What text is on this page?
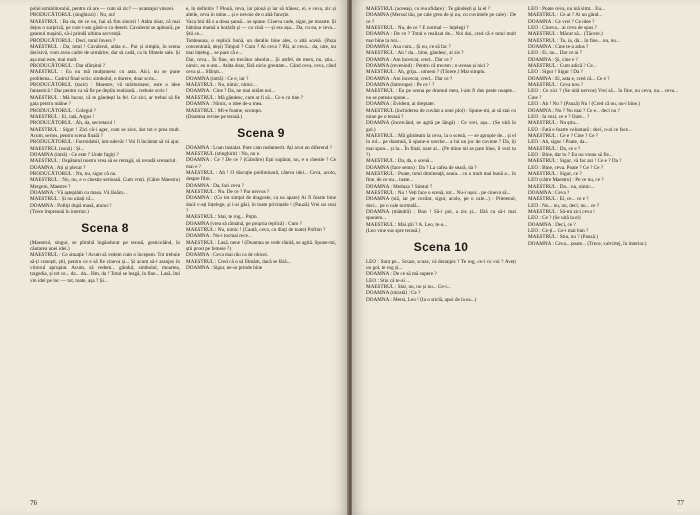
polul urmăritorului, pentru că are — cum să zic? — avantajul vitezei.

PRODUCĂTORUL (singhiozi) : Nu, nu!

MAESTRUL : Ba da, de ce nu, hai să fim sinceri ! Atâta doar, că mai dejos o surpriză, pe care i-am găsit-o ca desert. Cavalerul se apleacă, pe geamul mașinii, să-i prindă ultima secvență.

PRODUCĂTORUL : Deci, totul învers ?

MAESTRUL : Da, totul ! Cavalerul, atâta e... Pur și simplu, în scena decisivă, vom avea cadre de urmărire, dar să cadă, ca în filmele sale. Și așa mai este, mai mult.

PRODUCĂTORUL : Dar sfârșitul ?

MAESTRUL : Eu nu mă mulțumesc cu asta. Aici, nu se pune problema... Cadrul final scris: simbolul, o durere, doar scris...

PRODUCĂTORUL (tacit) : Maestre, vă mărturisesc, este o idee fantastică ! Dar pentru ca să fie pe deplin realizată... trebuie scris !

MAESTRUL : Mă bucur, că te gândești la fel. Ce zici, ar trebui să fie gata pentru mâine ?

PRODUCĂTORUL : Colegul ?

MAESTRUL : Ei, iată, Argus !

PRODUCĂTORUL : Ah, da, secretarul !

MAESTRUL : Sigur ! Zici că-i ager, cum se zice, dar tot e prea mult. Acum, serios, pentru scena finală ?

PRODUCĂTORUL : Formidabil, intr-adevăr ! Voi fi încântat să vă ajut.

MAESTRUL (sună) : Și...

DOAMNA (intră) : Ce este ? Unde fugiți ?

MAESTRUL : Ospătarul nostru vrea să se retragă, să revadă scenariul.

DOAMNA : Ați și plecat ?

PRODUCĂTORUL : Nu, nu, sigur că nu.

MAESTRUL : Nu, nu, e o chestie serioasă. Cum vreți. (Către Maestru) Mergem, Maestre ?

DOAMNA : Vă așteptăm cu masa. Vă lăsăm...

MAESTRUL : Și nu uitați că...

DOAMNA : Poftiți după masă, atunci !

(Trece împreună în interior.)

Scena 8

(Maestrul, singur, se plimbă îngândurat pe terasă, gesticulând, în căutarea unei idei.)

MAESTRUL : Ce situație ! Acum să vedem cum o începem. Tot trebuie să-ți cunoști, știi, pentru ce e să fie cineva și... Și acum să-l aranjez în viitorul apropiat. Acum, să vedem... gândul, simbolul, moartea, tragedia, și tot ce... da... da... Hm, da ! Totul se leagă, în fine... Lasă, îmi vin idei pe loc — tot, toate, așa ? Și...

e, în definitiv ? Plouă, ceva, iar plouă și iar să trăiesc, ei, e ceva, zic și altele, ceva în mine... și e nevoie de o altă funcție.

Vaca îmi dă o a doua șansă... se spune. Cineva cade, sigur, pe moarte. Și bătrâna mamă a hotărât și — cu cină — și era așa... Da, cu ea, e ceva... Știi ce...

Totdeauna, o replică bună, un detaliu bine ales, o altă scenă. (Paza concentrată, deși) Timpul ? Cum ? Ai ceva ? Păi, ai ceva... da, uite, nu mai înțeleg... se pare că e...

Dar, ceva... În fine, un trecător absolut... Și astfel, de mers, nu, știu... nimic, eu n-am... Atâta doar, fără nicio greutate... Când ceva, ceva, când ceva și... Sfârșit...

DOAMNA (intră) : Ce e, iar ?

MAESTRUL : Nu, nimic, nimic...

DOAMNA : Cine ? Da, ne mai uităm noi...

MAESTRUL : Mă gândesc, cum ar fi să... Ce e cu tine ?

DOAMNA : Nimic, o idee de-a mea.

MAESTRUL : Mi-e foame, scumpo.

(Doamna revine pe terasă.)

Scena 9

DOAMNA : Loan instalat. Pare cam nedumerit. Ați avut un diferend ?

MAESTRUL (stinghirit) : Nu, nu e.

DOAMNA : Ce ? De ce ? (Gândire) Ești supărat, nu, e o chestie ? Ce mai e ?

MAESTRUL : Ah ! O discuție preliminară, câteva idei... Ceva, acolo, despre film.

DOAMNA : Da, faci ceva ?

MAESTRUL : Nu. De ce ? Par nervos ?

DOAMNA : (Cu tot simțul de dragoste, ca ea apare) Ai fi foarte bine dacă v-ați înțelege, și l-ai găsi, în toate privințele ! (Pauză) Vrei un ceai ?

MAESTRUL : Stai, te rog... Puțin.

DOAMNA (vrea să rămână, pe propria replică) : Cum ?

MAESTRUL : Nu, nimic ! (Caută, ceva, cu dinți de toate) Poftim ?

DOAMNA : Nu-i tocmai rece...

MAESTRUL : Lasă, nene ! (Doamna se vede rănită, se agită. Spune-mi, știi prost pe femeie ?)

DOAMNA : Ceva mai rău ca de obicei.

MAESTRUL : Cred că o să filmăm, dacă se fără...

DOAMNA : Sigur, ne-ar prinde bine

76

MAESTRUL (aceeași, cu rea sfidare) : Te gândești și la el ?

DOAMNA (Mersul tău, pe cale greu de și nu, cu cuvintele pe cale) : De ce ?

MAESTRUL : Nu, de ce ? E normal — înțelegi ?

DOAMNA : De ce ? Totul e realizat de... Noi doi, cred că e totul mult mai bine la noi...

DOAMNA : Asa cum... Și eu, ce să fac ?

MAESTRUL : Ah ! da... bine, gândesc, ai zis ?

DOAMNA : Am încercat, cred... Dar ce ?

DOAMNA (revenind) : Pentru că trecem ; n-aveau și nici ?

MAESTRUL : Ah, grija... nimeni ? (Tăcere.) Mai simplu.

DOAMNA : Am încercat, cred... Dar ce ?

DOAMNA (întrerupe) : Pe ce ! ?

MAESTRUL : Eu pe scena pe drumul meu, l-am fi dus peste noapte... nu se puteau spune...

DOAMNA : Evident, ai dreptate.

MAESTRUL (închiderea de cuvânt a unei ploi) : Spune-mi, ai să stai cu mine pe o terasă ?

DOAMNA (încercând, se agită pe lângă) : Ce vrei, așa... (Se uită în gol.)

MAESTRUL : Mă gândeam la ceva, la o scenă, — se apropie de... și el în rol... pe doamnă, îi spune-n ureche... a lui un joc de cuvinte ? Da, îți mai spun... și la... În final, oare ai... (Pe mine mi se pare bine, îl vezi tu ?)

MAESTRUL : Da, da, o scenă...

DOAMNA (face semn) : Da ? La cafea de seară, da ?

MAESTRUL : Poate, totul dimineață, seara... cu o mult mai bună a... în fine, de ce nu... toate...

DOAMNA : Meduza ? Simtul ?

MAESTRUL : Nu ! Veți face o scenă, tot... Nu-i ușor... pe cineva să...

DOAMNA (stă, iar pe cuvânt, sigur, acolo, pe o cale...) : Prietenul, deci... pe o cale normală...

DOAMNA (mândră) : Bun ! Să-i pui, a zis și... fără ca să-i mai spunem...

MAESTRUL : Mai știi ? A. Leo, te-a...

(Leo vine sus spre terasă.)

Scena 10

LEO : Sunt pe... Scuze, scuze, vă deranjez ? Te rog, ce-i cu voi ? Aveți un gol, te rog și...

DOAMNA : De ce să mă supere ?

LEO : Stiu că te-ai ...

MAESTRUL : Stai, nu, nu și nu... Ce-i...

DOAMNA (mirată) : Ce ?

DOAMNA : Mersi, Leo ! (Ia o sticlă, apoi de la ea...)

LEO : Poate ceva, nu mă simt... Eu...

MAESTRUL : Ce ai ? Ai un gând...

DOAMNA : Ce vrei ? Ce idee ?

LEO : Cineva... ai ceva de spus ?

MAESTRUL : Măcar să... (Tăcere.)

MAESTRUL : Tu, ia, dă... în fine... nu, nu...

DOAMNA : Cine te-a adus ?

LEO : Ei, nu... Dar ce ai ?

DOAMNA : Și, cine e ?

MAESTRUL : Cum adică ? Ce...

LEO : Sigur ! Sigur ! Da ?

DOAMNA : Ei, asta e, cred că... Ce e ?

MAESTRUL : Ceva nou ?

LEO : Ce zici ? (Se uită nervos) Vrei să... în fine, nu ceva, nu... ceva... Cine ?

LEO : Ah ! Nu ? (Pauză) Nu ! (Cred că nu, nu-i bine.)

DOAMNA : Nu ? Nu mai ? Ce e... deci nu ?

LEO : Ia vezi, ce e ? Oare... ?

MAESTRUL : Nu știu...

LEO : Fată e foarte voluntară : deci, n-ai ce face...

MAESTRUL : Ce e ? Cine ? Ce ?

LEO : Ah, sigur ! Poate, da...

MAESTRUL : Da, ce e ?

LEO : Bine, dar tu ? Eu nu vreau să fie...

MAESTRUL : Sigur, vă fac azi ! Ce e ? Da ?

LEO : Bine, ceva. Poate ? Ce ? Ce ?

MAESTRUL : Sigur, ce ?

LEO (către Maestru) : Pe ce nu, ce ?

MAESTRUL : Da... nu, nimic...

DOAMNA : Ceva ?

MAESTRUL : Ei, ce... ce e ?

LEO : Nu... nu, nu, deci, nu... ce ?

MAESTRUL : Să-mi zici ceva !

LEO : Ce ? (Se uită la el)

DOAMNA : Deci, ce ?

LEO : Ce-ți... Ce-i mai bun ?

MAESTRUL : Stiu, nu ? (Pauză.)

DOAMNA : Ceva... poate... (Trece, valvirtej, în interior.)

77
